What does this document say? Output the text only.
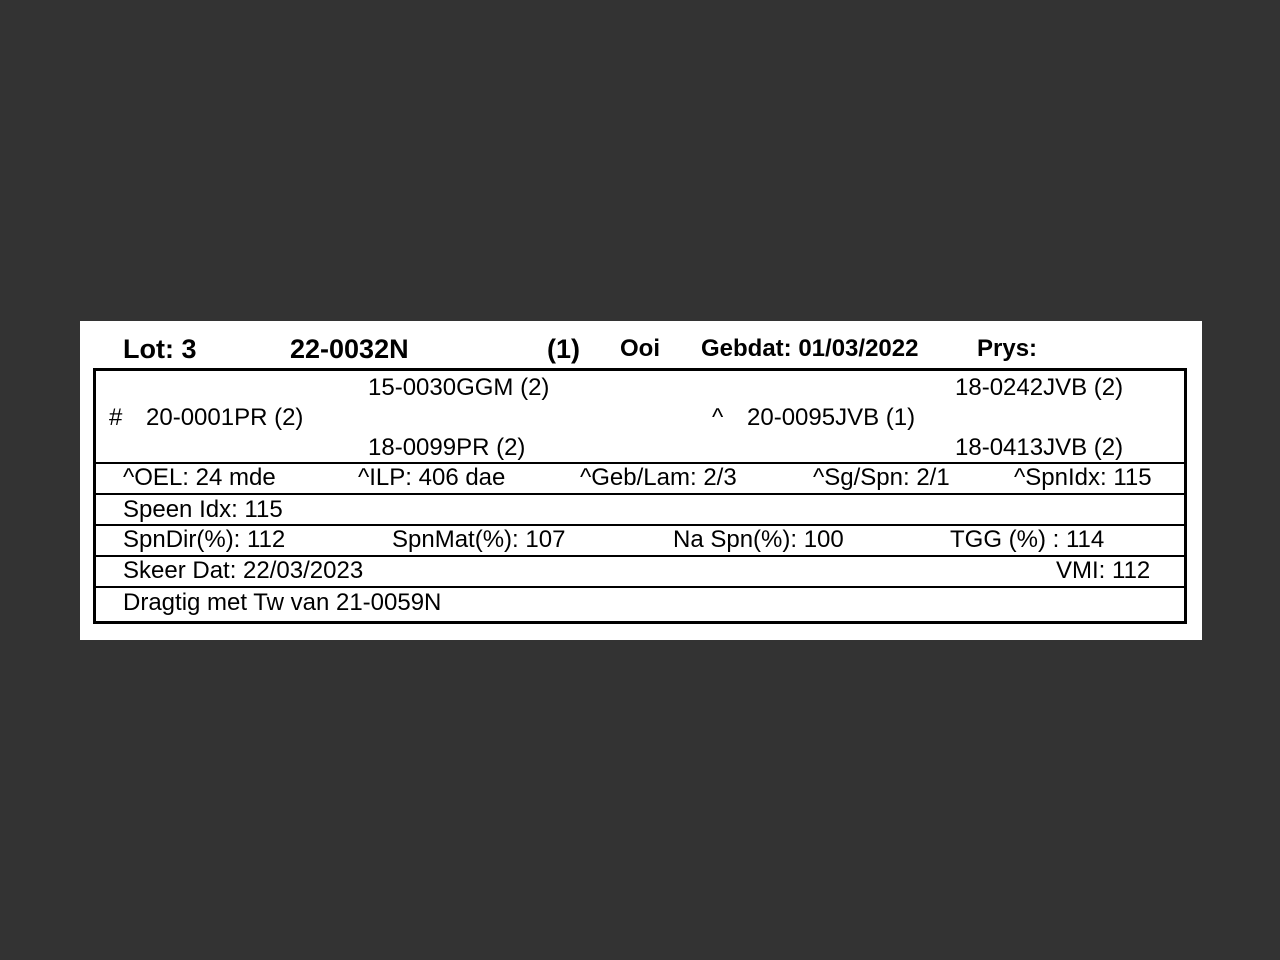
Lot: 3	22-0032N	(1) Ooi Gebdat: 01/03/2022 Prys:
15-0030GGM (2)	18-0242JVB (2)
# 20-0001PR (2)	^ 20-0095JVB (1)
18-0099PR (2)	18-0413JVB (2)
^OEL: 24 mde	^ILP: 406 dae	^Geb/Lam: 2/3	^Sg/Spn: 2/1	^SpnIdx: 115
Speen Idx: 115
SpnDir(%): 112	SpnMat(%): 107	Na Spn(%): 100	TGG (%) : 114
Skeer Dat: 22/03/2023	VMI: 112
Dragtig met Tw van 21-0059N
